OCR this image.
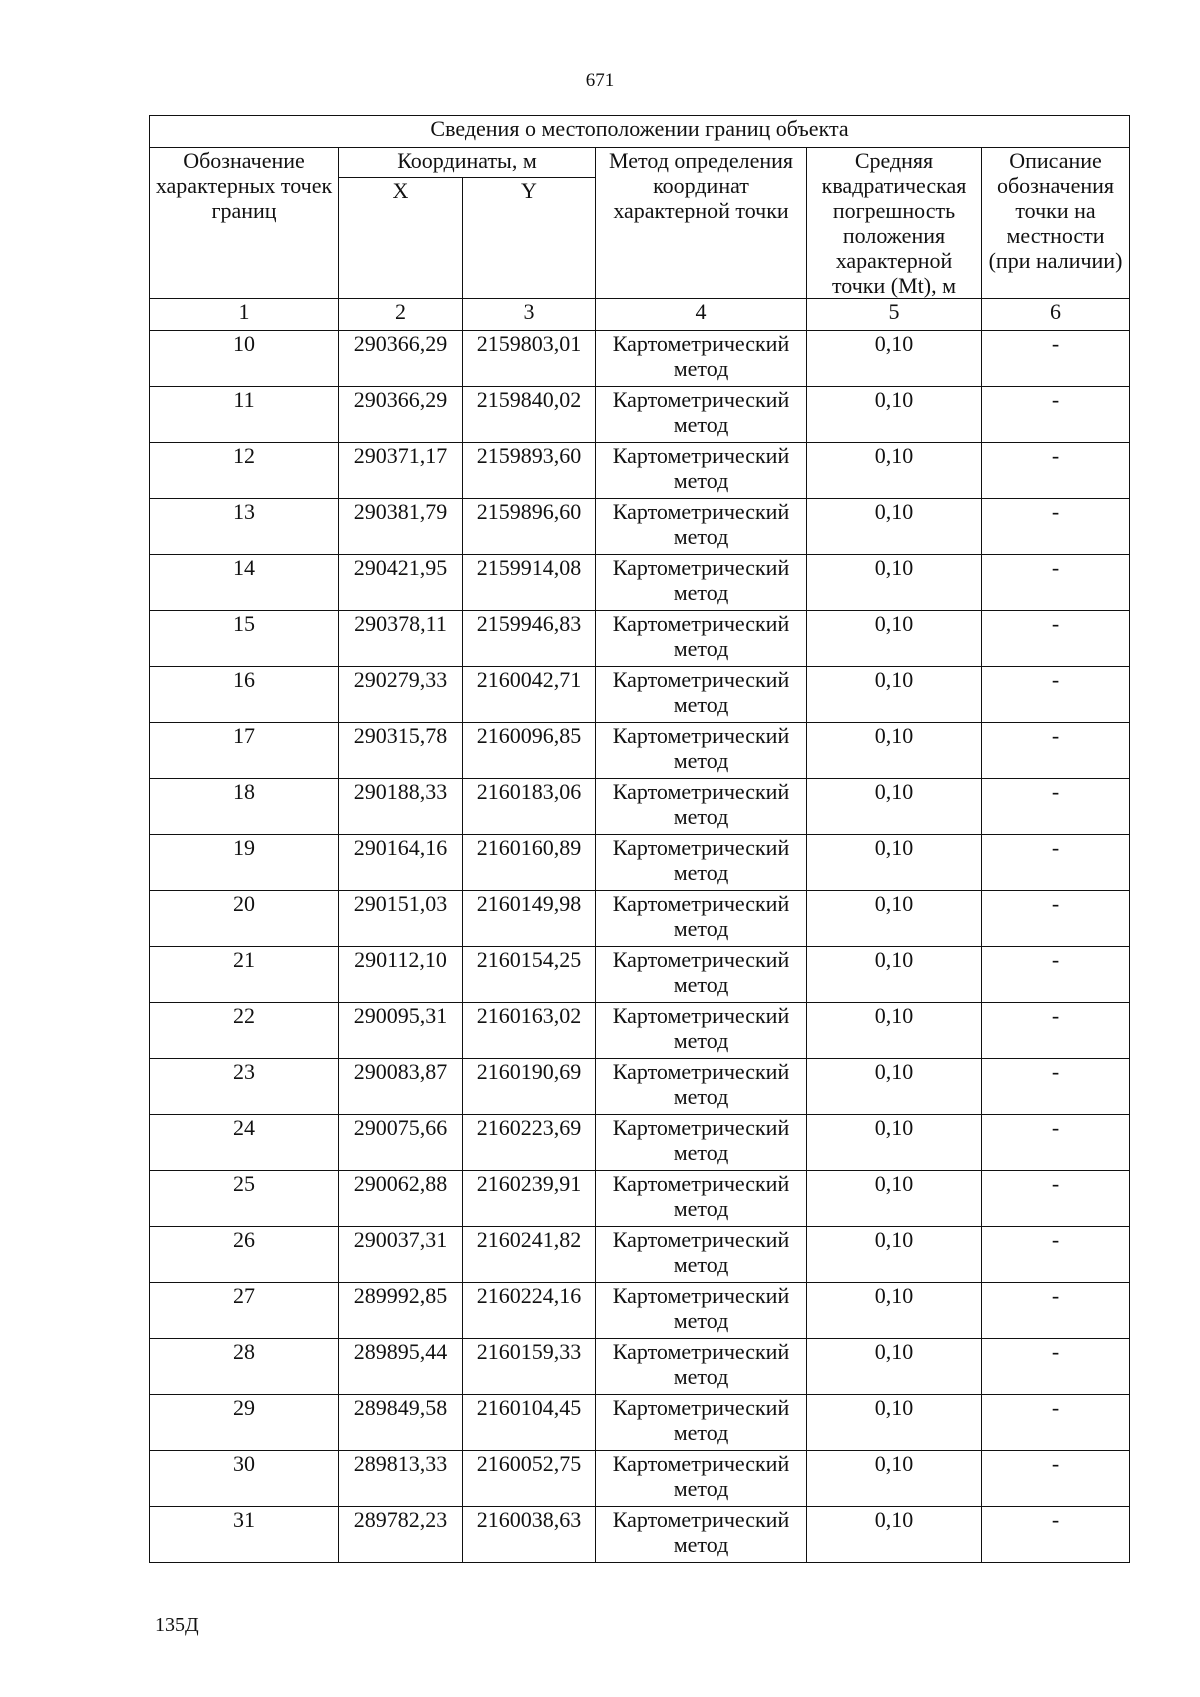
671
Сведения о местоположении границ объекта					
Обозначение характерных точек границ	Координаты, м		Метод определения координат характерной точки	Средняя квадратическая погрешность положения характерной точки (Mt), м	Описание обозначения точки на местности (при наличии)
	X	Y			
1	2	3	4	5	6
10	290366,29	2159803,01	Картометрический метод	0,10	-
11	290366,29	2159840,02	Картометрический метод	0,10	-
12	290371,17	2159893,60	Картометрический метод	0,10	-
13	290381,79	2159896,60	Картометрический метод	0,10	-
14	290421,95	2159914,08	Картометрический метод	0,10	-
15	290378,11	2159946,83	Картометрический метод	0,10	-
16	290279,33	2160042,71	Картометрический метод	0,10	-
17	290315,78	2160096,85	Картометрический метод	0,10	-
18	290188,33	2160183,06	Картометрический метод	0,10	-
19	290164,16	2160160,89	Картометрический метод	0,10	-
20	290151,03	2160149,98	Картометрический метод	0,10	-
21	290112,10	2160154,25	Картометрический метод	0,10	-
22	290095,31	2160163,02	Картометрический метод	0,10	-
23	290083,87	2160190,69	Картометрический метод	0,10	-
24	290075,66	2160223,69	Картометрический метод	0,10	-
25	290062,88	2160239,91	Картометрический метод	0,10	-
26	290037,31	2160241,82	Картометрический метод	0,10	-
27	289992,85	2160224,16	Картометрический метод	0,10	-
28	289895,44	2160159,33	Картометрический метод	0,10	-
29	289849,58	2160104,45	Картометрический метод	0,10	-
30	289813,33	2160052,75	Картометрический метод	0,10	-
31	289782,23	2160038,63	Картометрический метод	0,10	-
135Д
